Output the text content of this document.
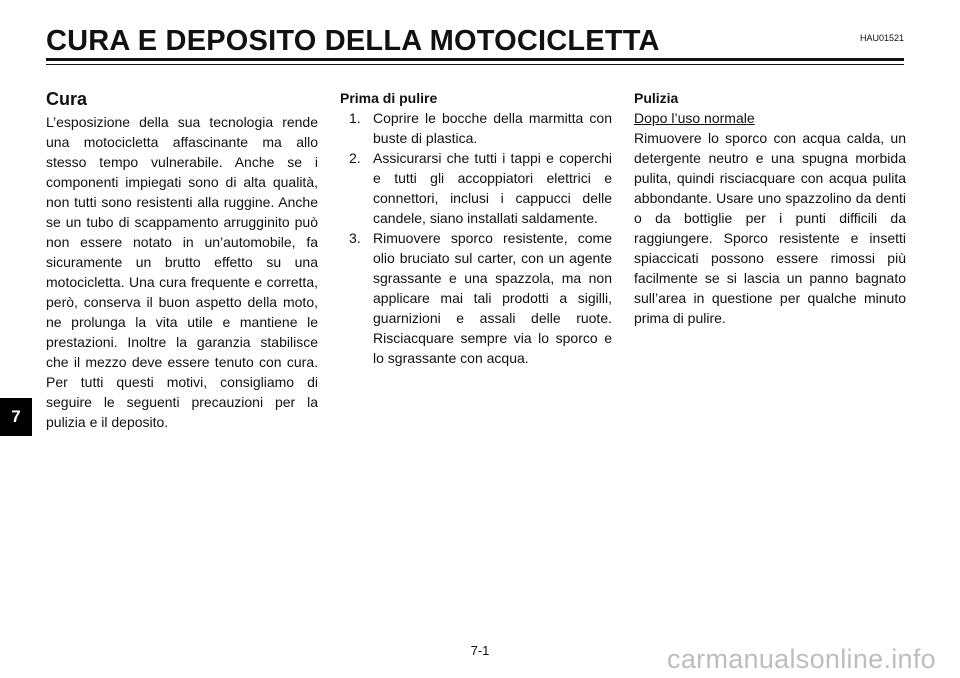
CURA E DEPOSITO DELLA MOTOCICLETTA	HAU01521
Cura

L’esposizione della sua tecnologia rende una motocicletta affascinante ma allo stesso tempo vulnerabile. Anche se i componenti impiegati sono di alta qualità, non tutti sono resistenti alla ruggine. Anche se un tubo di scappamento arrugginito può non essere notato in un’automobile, fa sicuramente un brutto effetto su una motocicletta. Una cura frequente e corretta, però, conserva il buon aspetto della moto, ne prolunga la vita utile e mantiene le prestazioni. Inoltre la garanzia stabilisce che il mezzo deve essere tenuto con cura. Per tutti questi motivi, consigliamo di seguire le seguenti precauzioni per la pulizia e il deposito.

Prima di pulire

1. Coprire le bocche della marmitta con buste di plastica.
2. Assicurarsi che tutti i tappi e coperchi e tutti gli accoppiatori elettrici e connettori, inclusi i cappucci delle candele, siano installati saldamente.
3. Rimuovere sporco resistente, come olio bruciato sul carter, con un agente sgrassante e una spazzola, ma non applicare mai tali prodotti a sigilli, guarnizioni e assali delle ruote. Risciacquare sempre via lo sporco e lo sgrassante con acqua.

Pulizia

Dopo l’uso normale

Rimuovere lo sporco con acqua calda, un detergente neutro e una spugna morbida pulita, quindi risciacquare con acqua pulita abbondante. Usare uno spazzolino da denti o da bottiglie per i punti difficili da raggiungere. Sporco resistente e insetti spiaccicati possono essere rimossi più facilmente se si lascia un panno bagnato sull’area in questione per qualche minuto prima di pulire.

7
7-1	carmanualsonline.info
